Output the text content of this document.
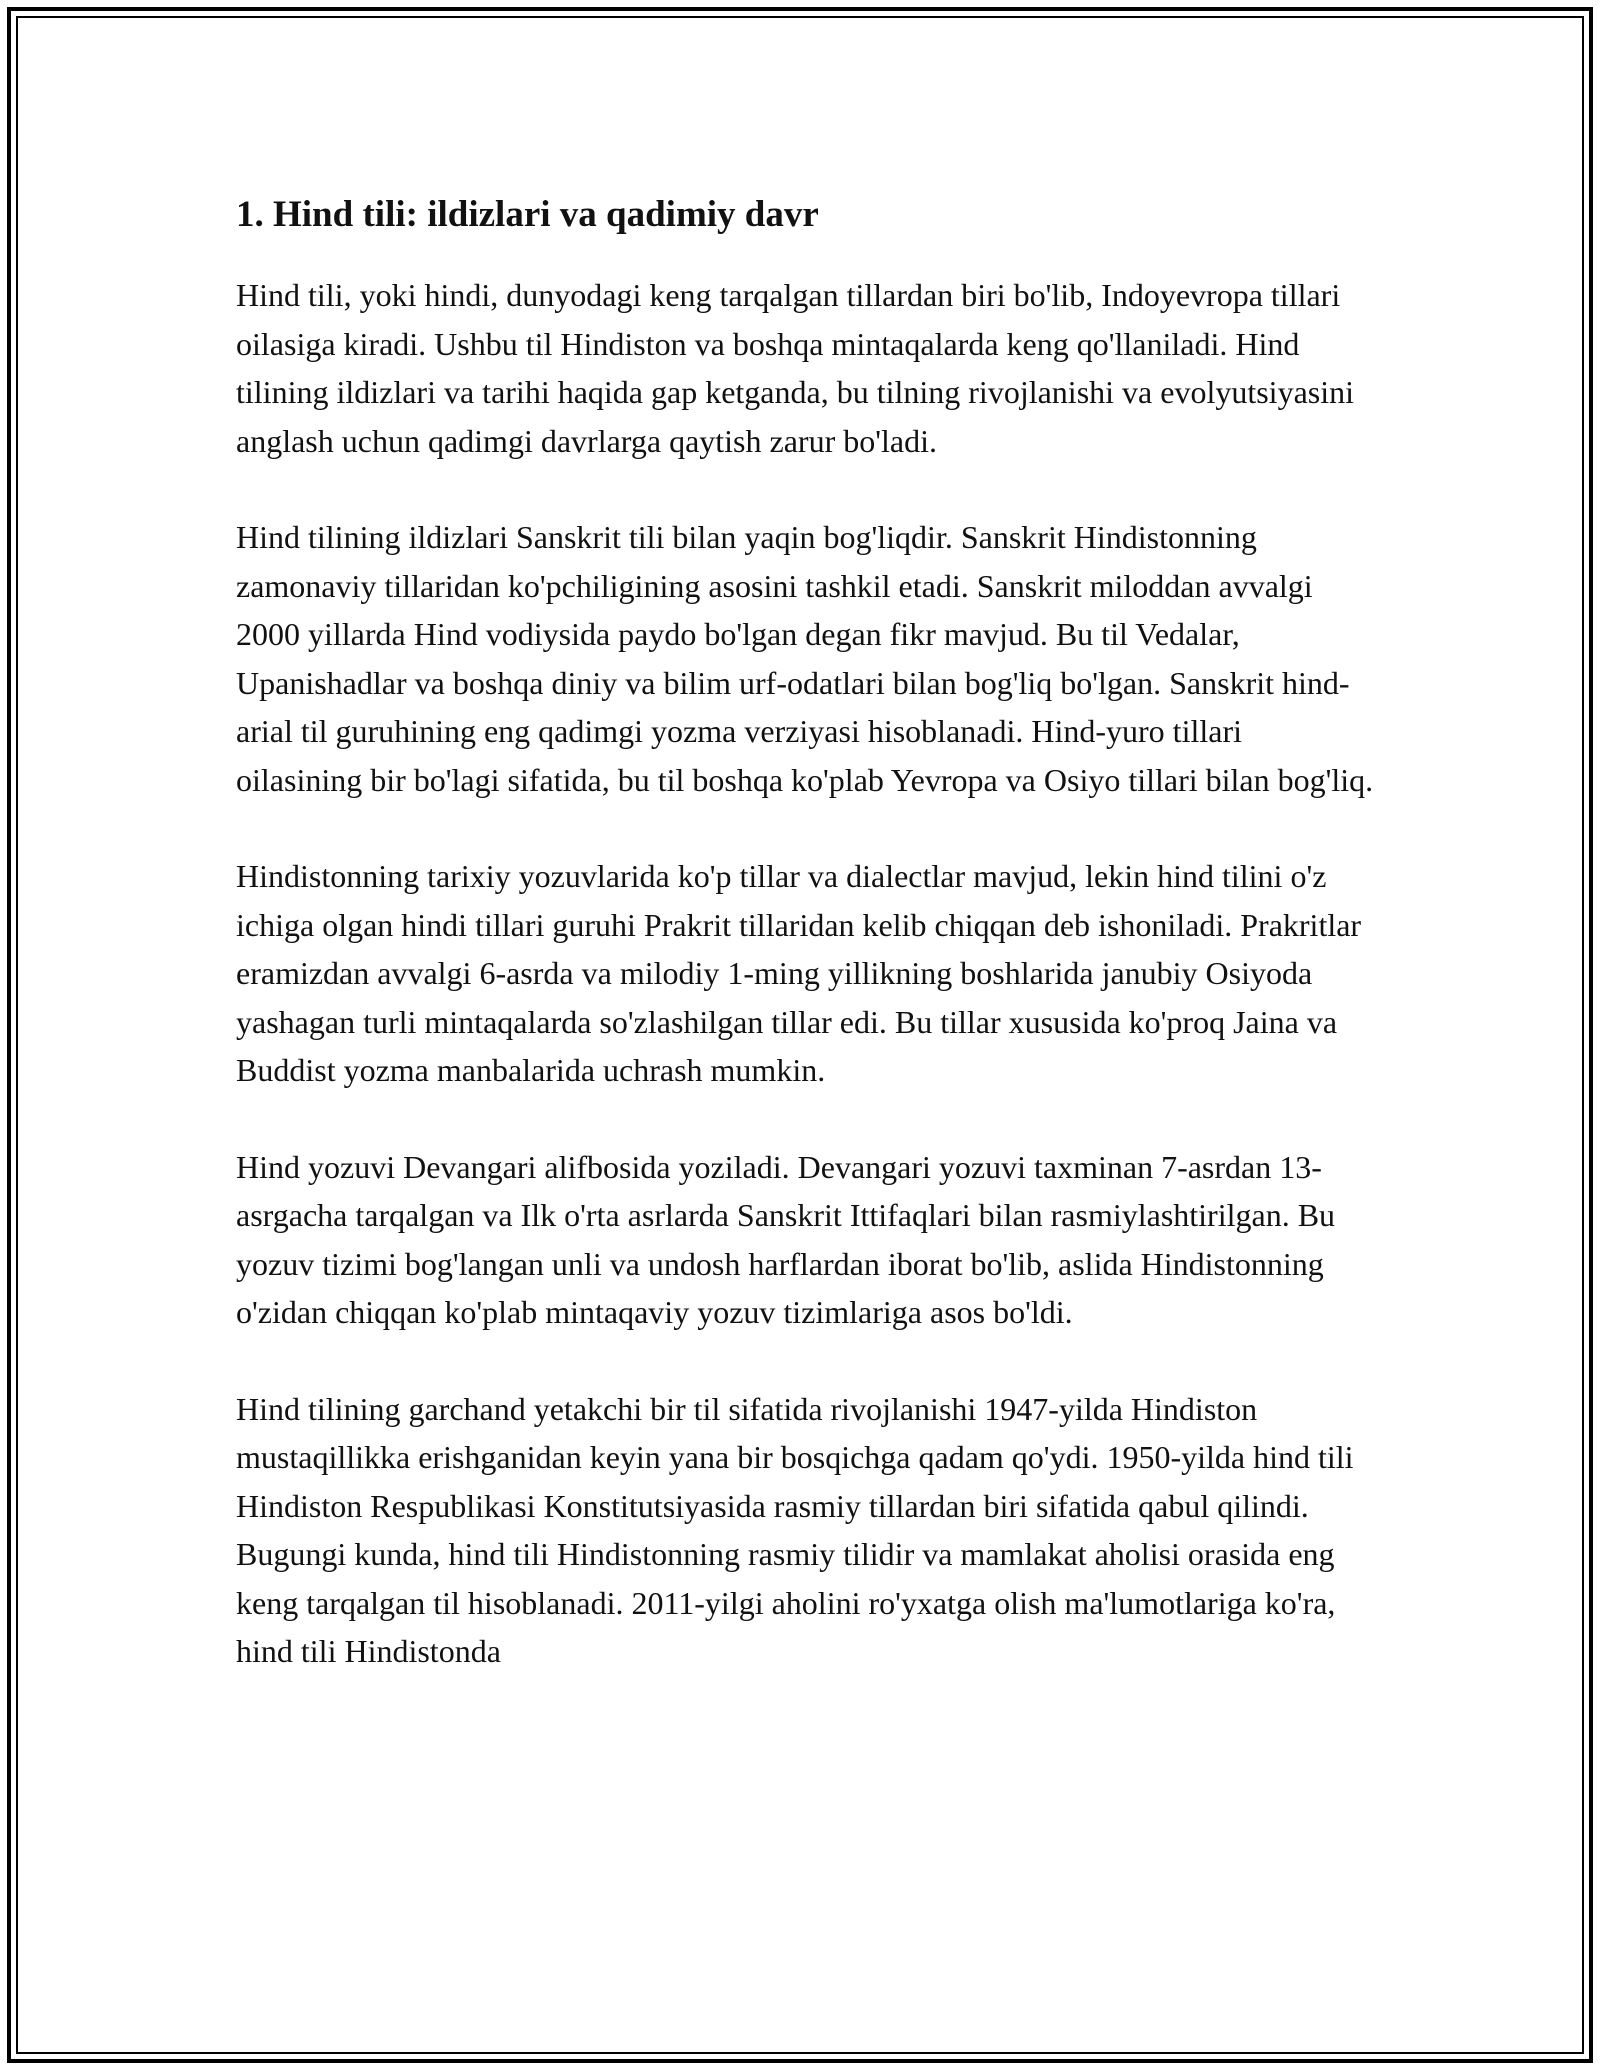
1. Hind tili: ildizlari va qadimiy davr

Hind tili, yoki hindi, dunyodagi keng tarqalgan tillardan biri bo'lib, Indoyevropa tillari oilasiga kiradi. Ushbu til Hindiston va boshqa mintaqalarda keng qo'llaniladi. Hind tilining ildizlari va tarihi haqida gap ketganda, bu tilning rivojlanishi va evolyutsiyasini anglash uchun qadimgi davrlarga qaytish zarur bo'ladi.

Hind tilining ildizlari Sanskrit tili bilan yaqin bog'liqdir. Sanskrit Hindistonning zamonaviy tillaridan ko'pchiligining asosini tashkil etadi. Sanskrit miloddan avvalgi 2000 yillarda Hind vodiysida paydo bo'lgan degan fikr mavjud. Bu til Vedalar, Upanishadlar va boshqa diniy va bilim urf-odatlari bilan bog'liq bo'lgan. Sanskrit hind-arial til guruhining eng qadimgi yozma verziyasi hisoblanadi. Hind-yuro tillari oilasining bir bo'lagi sifatida, bu til boshqa ko'plab Yevropa va Osiyo tillari bilan bog'liq.

Hindistonning tarixiy yozuvlarida ko'p tillar va dialectlar mavjud, lekin hind tilini o'z ichiga olgan hindi tillari guruhi Prakrit tillaridan kelib chiqqan deb ishoniladi. Prakritlar eramizdan avvalgi 6-asrda va milodiy 1-ming yillikning boshlarida janubiy Osiyoda yashagan turli mintaqalarda so'zlashilgan tillar edi. Bu tillar xususida ko'proq Jaina va Buddist yozma manbalarida uchrash mumkin.

Hind yozuvi Devangari alifbosida yoziladi. Devangari yozuvi taxminan 7-asrdan 13-asrgacha tarqalgan va Ilk o'rta asrlarda Sanskrit Ittifaqlari bilan rasmiylashtirilgan. Bu yozuv tizimi bog'langan unli va undosh harflardan iborat bo'lib, aslida Hindistonning o'zidan chiqqan ko'plab mintaqaviy yozuv tizimlariga asos bo'ldi.

Hind tilining garchand yetakchi bir til sifatida rivojlanishi 1947-yilda Hindiston mustaqillikka erishganidan keyin yana bir bosqichga qadam qo'ydi. 1950-yilda hind tili Hindiston Respublikasi Konstitutsiyasida rasmiy tillardan biri sifatida qabul qilindi. Bugungi kunda, hind tili Hindistonning rasmiy tilidir va mamlakat aholisi orasida eng keng tarqalgan til hisoblanadi. 2011-yilgi aholini ro'yxatga olish ma'lumotlariga ko'ra, hind tili Hindistonda
